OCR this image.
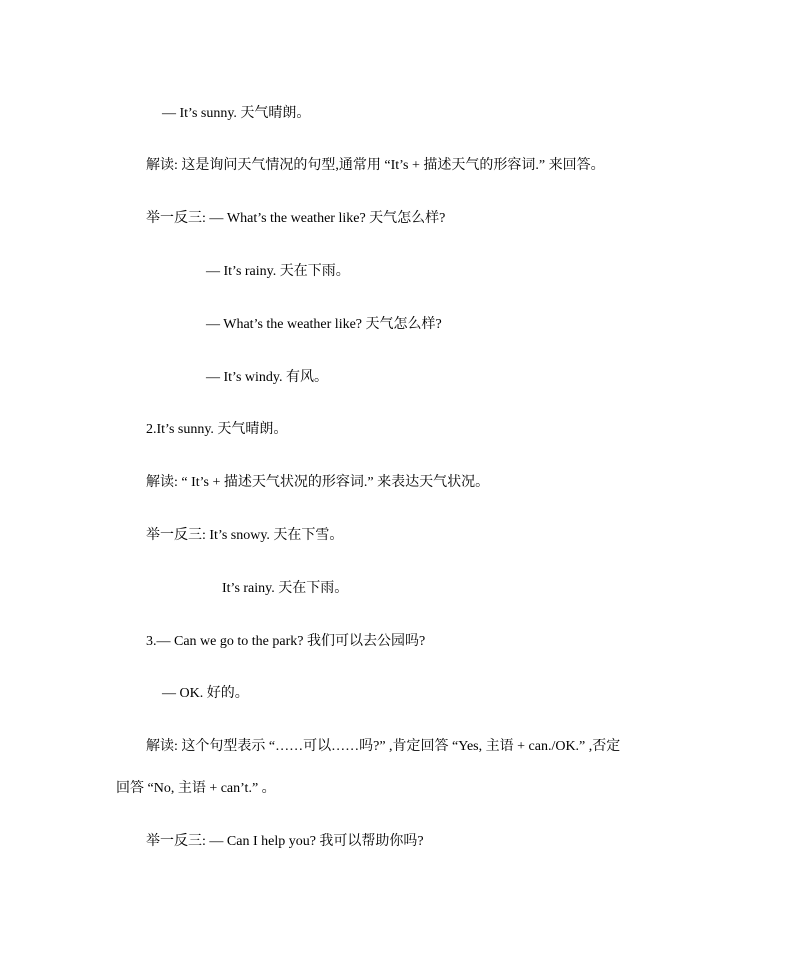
— It’s sunny. 天气晴朗。
解读: 这是询问天气情况的句型,通常用 “It’s + 描述天气的形容词.” 来回答。
举一反三: — What’s the weather like? 天气怎么样?
— It’s rainy. 天在下雨。
— What’s the weather like? 天气怎么样?
— It’s windy. 有风。
2.It’s sunny. 天气晴朗。
解读: “ It’s + 描述天气状况的形容词.” 来表达天气状况。
举一反三: It’s snowy. 天在下雪。
It’s rainy. 天在下雨。
3.— Can we go to the park? 我们可以去公园吗?
— OK. 好的。
解读: 这个句型表示 “……可以……吗?” ,肯定回答 “Yes, 主语 + can./OK.” ,否定
回答 “No, 主语 + can’t.” 。
举一反三: — Can I help you? 我可以帮助你吗?
